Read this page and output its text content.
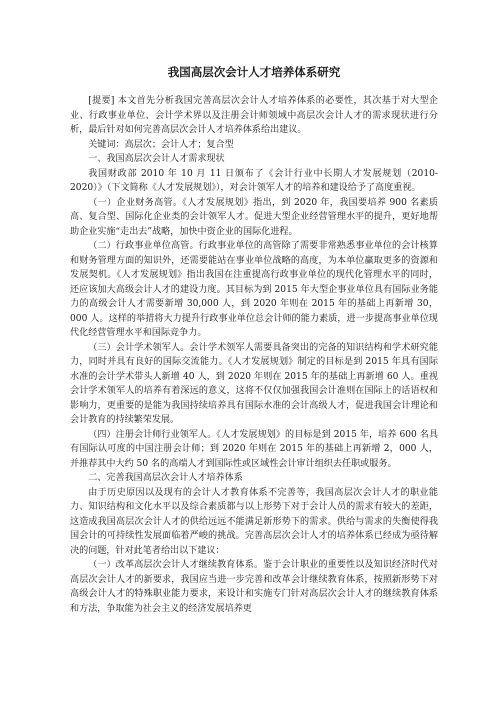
我国高层次会计人才培养体系研究

[提要] 本文首先分析我国完善高层次会计人才培养体系的必要性，其次基于对大型企业、行政事业单位、会计学术界以及注册会计师领域中高层次会计人才的需求现状进行分析，最后针对如何完善高层次会计人才培养体系给出建议。

关键词：高层次；会计人才；复合型

一、我国高层次会计人才需求现状

我国财政部 2010 年 10 月 11 日颁布了《会计行业中长期人才发展规划（2010-2020）》（下文简称《人才发展规划》），对会计领军人才的培养和建设给予了高度重视。

（一）企业财务高管。《人才发展规划》指出，到 2020 年，我国要培养 900 名素质高、复合型、国际化企业类的会计领军人才。促进大型企业经营管理水平的提升，更好地帮助企业实施“走出去”战略，加快中资企业的国际化进程。

（二）行政事业单位高管。行政事业单位的高管除了需要非常熟悉事业单位的会计核算和财务管理方面的知识外，还需要能站在事业单位战略的高度，为本单位赢取更多的资源和发展契机。《人才发展规划》指出我国在注重提高行政事业单位的现代化管理水平的同时，还应该加大高级会计人才的建设力度。其目标为到 2015 年大型企事业单位具有国际业务能力的高级会计人才需要新增 30,000 人，到 2020 年则在 2015 年的基础上再新增 30，000 人。这样的举措将大力提升行政事业单位总会计师的能力素质，进一步提高事业单位现代化经营管理水平和国际竞争力。

（三）会计学术领军人。会计学术领军人需要具备突出的完备的知识结构和学术研究能力，同时并具有良好的国际交流能力。《人才发展规划》制定的目标是到 2015 年具有国际水准的会计学术带头人新增 40 人，到 2020 年则在 2015 年的基础上再新增 60 人。重视会计学术领军人的培养有着深远的意义，这将不仅仅加强我国会计准则在国际上的话语权和影响力，更重要的是能为我国持续培养具有国际水准的会计高级人才，促进我国会计理论和会计教育的持续繁荣发展。

（四）注册会计师行业领军人。《人才发展规划》的目标是到 2015 年，培养 600 名具有国际认可度的中国注册会计师；到 2020 年则在 2015 年的基础上再新增 2，000 人，并推荐其中大约 50 名的高端人才到国际性或区域性会计审计组织去任职或服务。

二、完善我国高层次会计人才培养体系

由于历史原因以及现有的会计人才教育体系不完善等，我国高层次会计人才的职业能力、知识结构和文化水平以及综合素质都与以上形势下对于会计人员的需求有较大的差距，这造成我国高层次会计人才的供给远远不能满足新形势下的需求。供给与需求的失衡使得我国会计的可持续性发展面临着严峻的挑战。完善高层次会计人才的培养体系已经成为亟待解决的问题，针对此笔者给出以下建议：

（一）改革高层次会计人才继续教育体系。鉴于会计职业的重要性以及知识经济时代对高层次会计人才的新要求，我国应当进一步完善和改革会计继续教育体系，按照新形势下对高级会计人才的特殊职业能力要求，来设计和实施专门针对高层次会计人才的继续教育体系和方法，争取能为社会主义的经济发展培养更
